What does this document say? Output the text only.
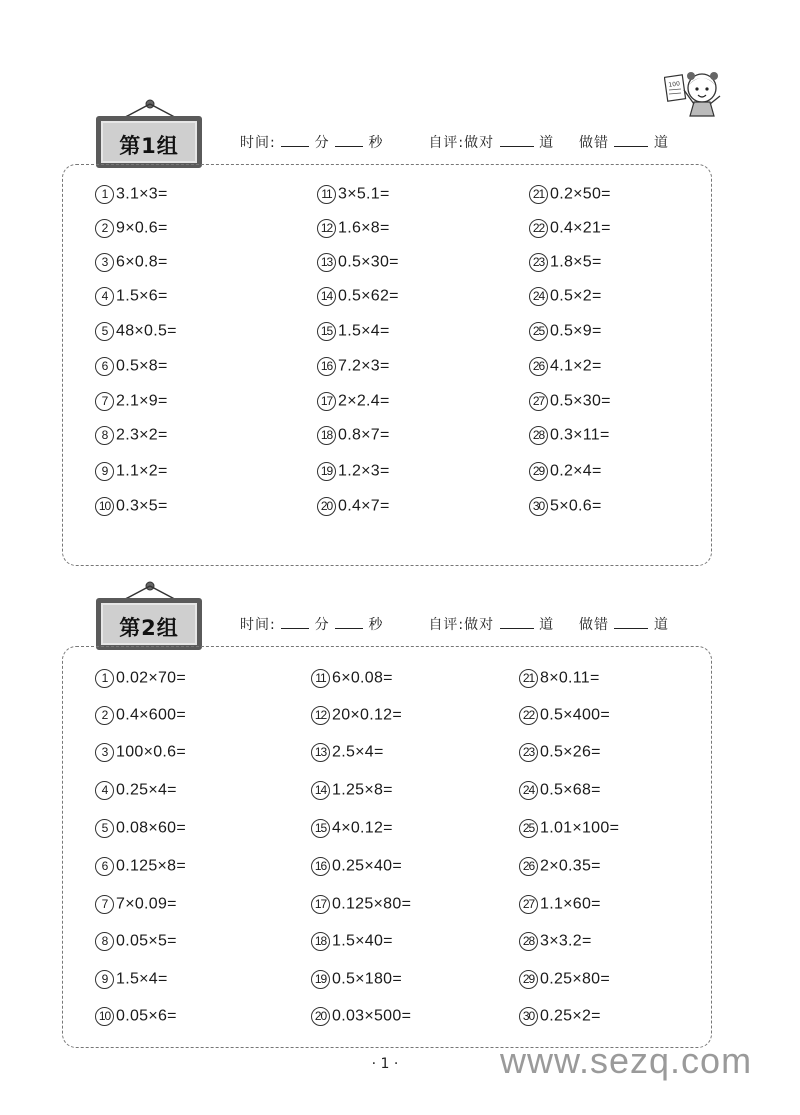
100
第1组	时间:	分	秒	自评:做对	道 做错	道
1 3.1×3=
2 9×0.6=
3 6×0.8=
4 1.5×6=
5 48×0.5=
6 0.5×8=
7 2.1×9=
8 2.3×2=
9 1.1×2=
10 0.3×5=
11 3×5.1=
12 1.6×8=
13 0.5×30=
14 0.5×62=
15 1.5×4=
16 7.2×3=
17 2×2.4=
18 0.8×7=
19 1.2×3=
20 0.4×7=
21 0.2×50=
22 0.4×21=
23 1.8×5=
24 0.5×2=
25 0.5×9=
26 4.1×2=
27 0.5×30=
28 0.3×11=
29 0.2×4=
30 5×0.6=
第2组	时间:	分	秒	自评:做对	道 做错	道
1 0.02×70=
2 0.4×600=
3 100×0.6=
4 0.25×4=
5 0.08×60=
6 0.125×8=
7 7×0.09=
8 0.05×5=
9 1.5×4=
10 0.05×6=
11 6×0.08=
12 20×0.12=
13 2.5×4=
14 1.25×8=
15 4×0.12=
16 0.25×40=
17 0.125×80=
18 1.5×40=
19 0.5×180=
20 0.03×500=
21 8×0.11=
22 0.5×400=
23 0.5×26=
24 0.5×68=
25 1.01×100=
26 2×0.35=
27 1.1×60=
28 3×3.2=
29 0.25×80=
30 0.25×2=
· 1 ·	www.sezq.com
